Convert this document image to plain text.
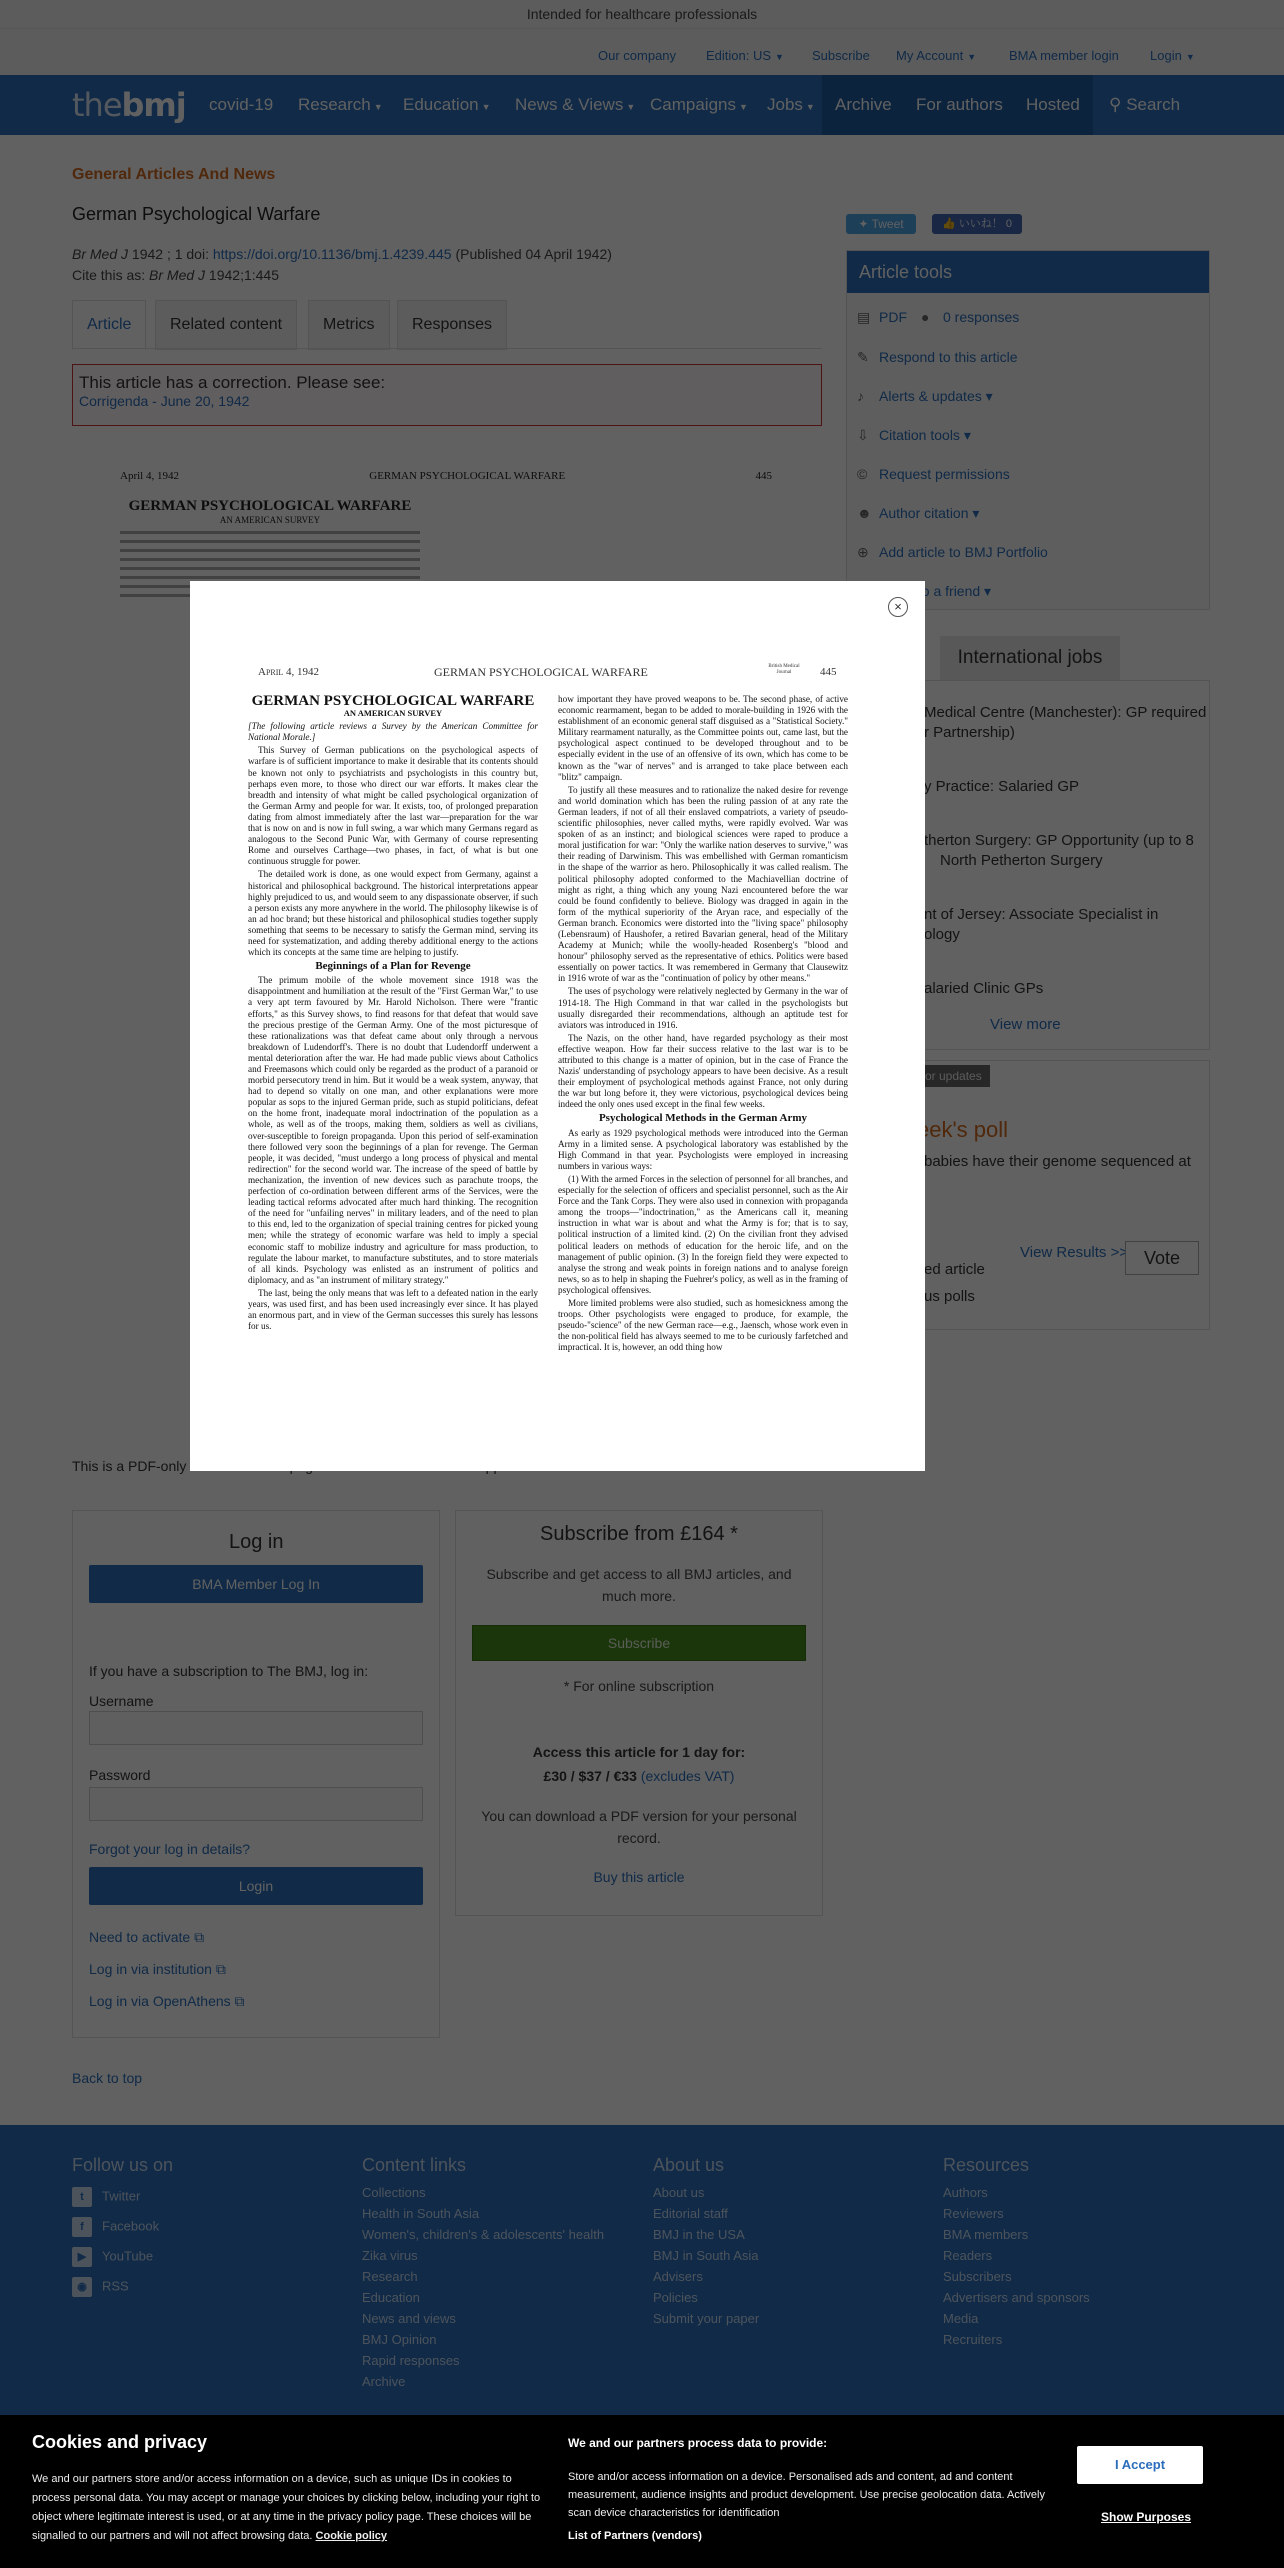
×
April 4, 1942	GERMAN PSYCHOLOGICAL WARFARE	British Medical Journal	445
GERMAN PSYCHOLOGICAL WARFARE
AN AMERICAN SURVEY

[The following article reviews a Survey by the American Committee for National Morale.]

This Survey of German publications on the psychological aspects of warfare is of sufficient importance to make it desirable that its contents should be known not only to psychiatrists and psychologists in this country but, perhaps even more, to those who direct our war efforts. It makes clear the breadth and intensity of what might be called psychological organization of the German Army and people for war. It exists, too, of prolonged preparation dating from almost immediately after the last war—preparation for the war that is now on and is now in full swing, a war which many Germans regard as analogous to the Second Punic War, with Germany of course representing Rome and ourselves Carthage—two phases, in fact, of what is but one continuous struggle for power.

The detailed work is done, as one would expect from Germany, against a historical and philosophical background. The historical interpretations appear highly prejudiced to us, and would seem to any dispassionate observer, if such a person exists any more anywhere in the world. The philosophy likewise is of an ad hoc brand; but these historical and philosophical studies together supply something that seems to be necessary to satisfy the German mind, serving its need for systematization, and adding thereby additional energy to the actions which its concepts at the same time are helping to justify.

Beginnings of a Plan for Revenge

The primum mobile of the whole movement since 1918 was the disappointment and humiliation at the result of the "First German War," to use a very apt term favoured by Mr. Harold Nicholson. There were "frantic efforts," as this Survey shows, to find reasons for that defeat that would save the precious prestige of the German Army. One of the most picturesque of these rationalizations was that defeat came about only through a nervous breakdown of Ludendorff's. There is no doubt that Ludendorff underwent a mental deterioration after the war. He had made public views about Catholics and Freemasons which could only be regarded as the product of a paranoid or morbid persecutory trend in him. But it would be a weak system, anyway, that had to depend so vitally on one man, and other explanations were more popular as sops to the injured German pride, such as stupid politicians, defeat on the home front, inadequate moral indoctrination of the population as a whole, as well as of the troops, making them, soldiers as well as civilians, over-susceptible to foreign propaganda. Upon this period of self-examination there followed very soon the beginnings of a plan for revenge. The German people, it was decided, "must undergo a long process of physical and mental redirection" for the second world war. The increase of the speed of battle by mechanization, the invention of new devices such as parachute troops, the perfection of co-ordination between different arms of the Services, were the leading tactical reforms advocated after much hard thinking. The recognition of the need for "unfailing nerves" in military leaders, and of the need to plan to this end, led to the organization of special training centres for picked young men; while the strategy of economic warfare was held to imply a special economic staff to mobilize industry and agriculture for mass production, to regulate the labour market, to manufacture substitutes, and to store materials of all kinds. Psychology was enlisted as an instrument of politics and diplomacy, and as "an instrument of military strategy."

The last, being the only means that was left to a defeated nation in the early years, was used first, and has been used increasingly ever since. It has played an enormous part, and in view of the German successes this surely has lessons for us.

how important they have proved weapons to be. The second phase, of active economic rearmament, began to be added to morale-building in 1926 with the establishment of an economic general staff disguised as a "Statistical Society." Military rearmament naturally, as the Committee points out, came last, but the psychological aspect continued to be developed throughout and to be especially evident in the use of an offensive of its own, which has come to be known as the "war of nerves" and is arranged to take place between each "blitz" campaign.

To justify all these measures and to rationalize the naked desire for revenge and world domination which has been the ruling passion of at any rate the German leaders, if not of all their enslaved compatriots, a variety of pseudo-scientific philosophies, never called myths, were rapidly evolved. War was spoken of as an instinct; and biological sciences were raped to produce a moral justification for war: "Only the warlike nation deserves to survive," was their reading of Darwinism. This was embellished with German romanticism in the shape of the warrior as hero. Philosophically it was called realism. The political philosophy adopted conformed to the Machiavellian doctrine of might as right, a thing which any young Nazi encountered before the war could be found confidently to believe. Biology was dragged in again in the form of the mythical superiority of the Aryan race, and especially of the German branch. Economics were distorted into the "living space" philosophy (Lebensraum) of Haushofer, a retired Bavarian general, head of the Military Academy at Munich; while the woolly-headed Rosenberg's "blood and honour" philosophy served as the representative of ethics. Politics were based essentially on power tactics. It was remembered in Germany that Clausewitz in 1916 wrote of war as the "continuation of policy by other means."

The uses of psychology were relatively neglected by Germany in the war of 1914-18. The High Command in that war called in the psychologists but usually disregarded their recommendations, although an aptitude test for aviators was introduced in 1916.

The Nazis, on the other hand, have regarded psychology as their most effective weapon. How far their success relative to the last war is to be attributed to this change is a matter of opinion, but in the case of France the Nazis' understanding of psychology appears to have been decisive. As a result their employment of psychological methods against France, not only during the war but long before it, they were victorious, psychological devices being indeed the only ones used except in the final few weeks.

Psychological Methods in the German Army

As early as 1929 psychological methods were introduced into the German Army in a limited sense. A psychological laboratory was established by the High Command in that year. Psychologists were employed in increasing numbers in various ways:

(1) With the armed Forces in the selection of personnel for all branches, and especially for the selection of officers and specialist personnel, such as the Air Force and the Tank Corps. They were also used in connexion with propaganda among the troops—"indoctrination," as the Americans call it, meaning instruction in what war is about and what the Army is for; that is to say, political instruction of a limited kind. (2) On the civilian front they advised political leaders on methods of education for the heroic life, and on the management of public opinion. (3) In the foreign field they were expected to analyse the strong and weak points in foreign nations and to analyse foreign news, so as to help in shaping the Fuehrer's policy, as well as in the framing of psychological offensives.

More limited problems were also studied, such as homesickness among the troops. Other psychologists were engaged to produce, for example, the pseudo-"science" of the new German race—e.g., Jaensch, whose work even in the non-political field has always seemed to me to be curiously farfetched and impractical. It is, however, an odd thing how

Cookies and privacy
We and our partners store and/or access information on a device, such as unique IDs in cookies to process personal data. You may accept or manage your choices by clicking below, including your right to object where legitimate interest is used, or at any time in the privacy policy page. These choices will be signalled to our partners and will not affect browsing data. Cookie policy
We and our partners process data to provide:
Store and/or access information on a device. Personalised ads and content, ad and content measurement, audience insights and product development. Use precise geolocation data. Actively scan device characteristics for identification
List of Partners (vendors)
I Accept
Show Purposes
